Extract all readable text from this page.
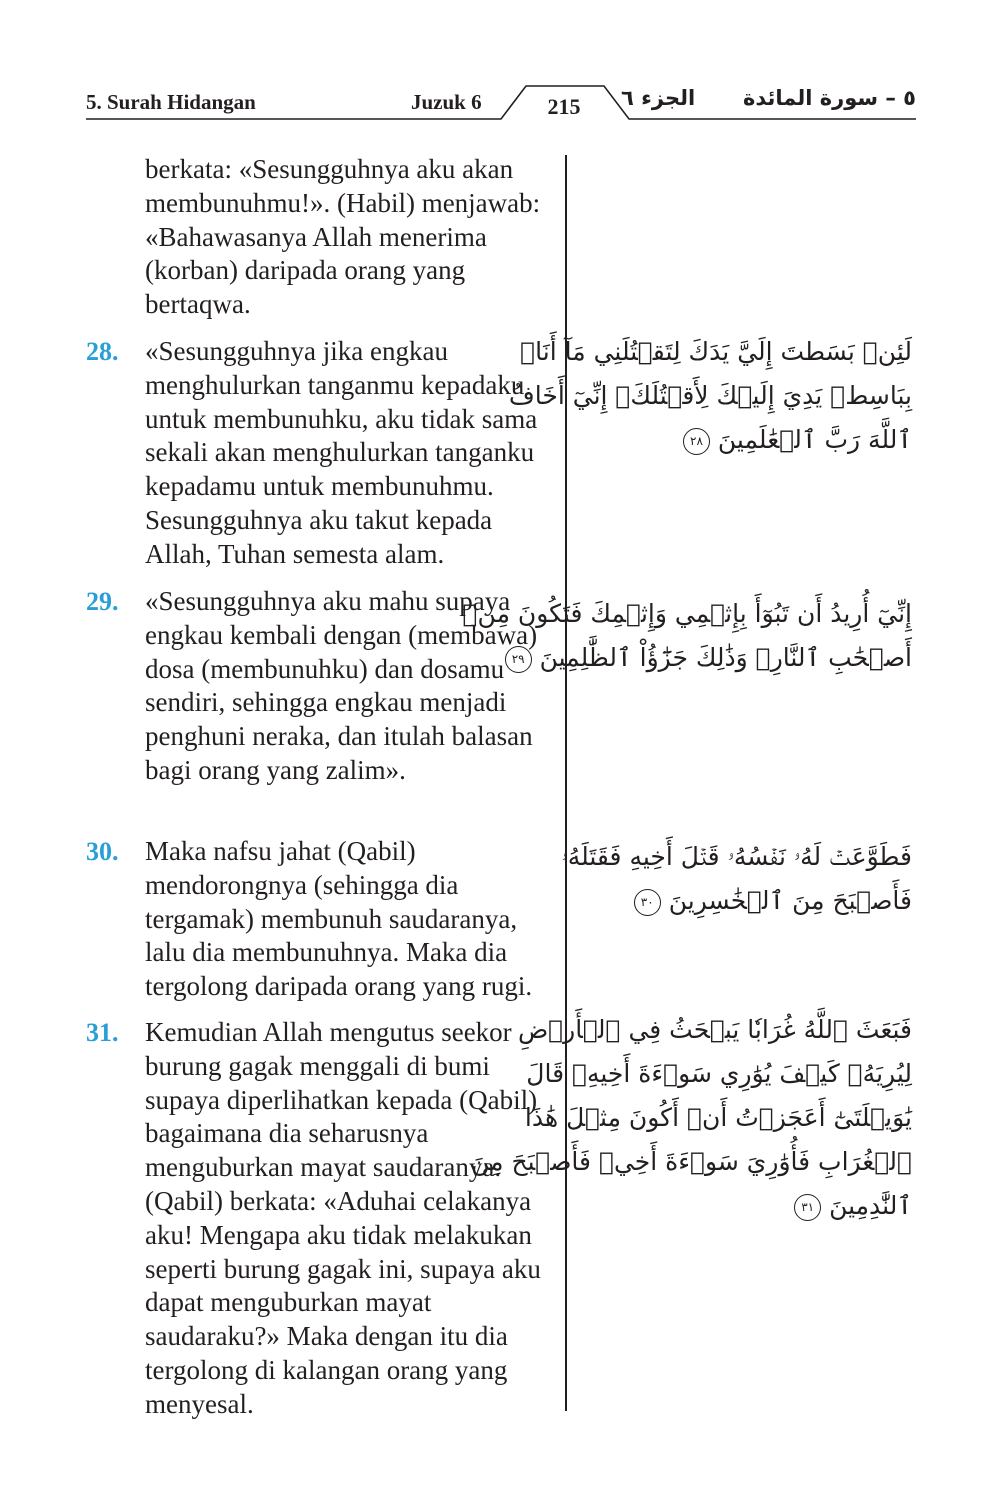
5. Surah Hidangan	Juzuk 6	215	الجزء ٦ ٥ – سورة المائدة
berkata: «Sesungguhnya aku akan membunuhmu!». (Habil) menjawab: «Bahawasanya Allah menerima (korban) daripada orang yang bertaqwa.
28. «Sesungguhnya jika engkau menghulurkan tanganmu kepadaku untuk membunuhku, aku tidak sama sekali akan menghulurkan tanganku kepadamu untuk membunuhmu. Sesungguhnya aku takut kepada Allah, Tuhan semesta alam.
لَئِنۢ بَسَطتَ إِلَيَّ يَدَكَ لِتَقۡتُلَنِي مَآ أَنَا۠
بِبَاسِطٖ يَدِيَ إِلَيۡكَ لِأَقۡتُلَكَۖ إِنِّيٓ أَخَافُ
ٱللَّهَ رَبَّ ٱلۡعَٰلَمِينَ ٢٨
29. «Sesungguhnya aku mahu supaya engkau kembali dengan (membawa) dosa (membunuhku) dan dosamu sendiri, sehingga engkau menjadi penghuni neraka, dan itulah balasan bagi orang yang zalim».
إِنِّيٓ أُرِيدُ أَن تَبُوٓأَ بِإِثۡمِي وَإِثۡمِكَ فَتَكُونَ مِنۡ
أَصۡحَٰبِ ٱلنَّارِۚ وَذَٰلِكَ جَزَٰٓؤُاْ ٱلظَّٰلِمِينَ ٢٩
30. Maka nafsu jahat (Qabil) mendorongnya (sehingga dia tergamak) membunuh saudaranya, lalu dia membunuhnya. Maka dia tergolong daripada orang yang rugi.
فَطَوَّعَتۡ لَهُۥ نَفۡسُهُۥ قَتۡلَ أَخِيهِ فَقَتَلَهُۥ
فَأَصۡبَحَ مِنَ ٱلۡخَٰسِرِينَ ٣٠
31. Kemudian Allah mengutus seekor burung gagak menggali di bumi supaya diperlihatkan kepada (Qabil) bagaimana dia seharusnya menguburkan mayat saudaranya. (Qabil) berkata: «Aduhai celakanya aku! Mengapa aku tidak melakukan seperti burung gagak ini, supaya aku dapat menguburkan mayat saudaraku?» Maka dengan itu dia tergolong di kalangan orang yang menyesal.
فَبَعَثَ ٱللَّهُ غُرَابٗا يَبۡحَثُ فِي ٱلۡأَرۡضِ
لِيُرِيَهُۥ كَيۡفَ يُوَٰرِي سَوۡءَةَ أَخِيهِۚ قَالَ
يَٰوَيۡلَتَىٰٓ أَعَجَزۡتُ أَنۡ أَكُونَ مِثۡلَ هَٰذَا
ٱلۡغُرَابِ فَأُوَٰرِيَ سَوۡءَةَ أَخِيۖ فَأَصۡبَحَ مِنَ
ٱلنَّٰدِمِينَ ٣١
